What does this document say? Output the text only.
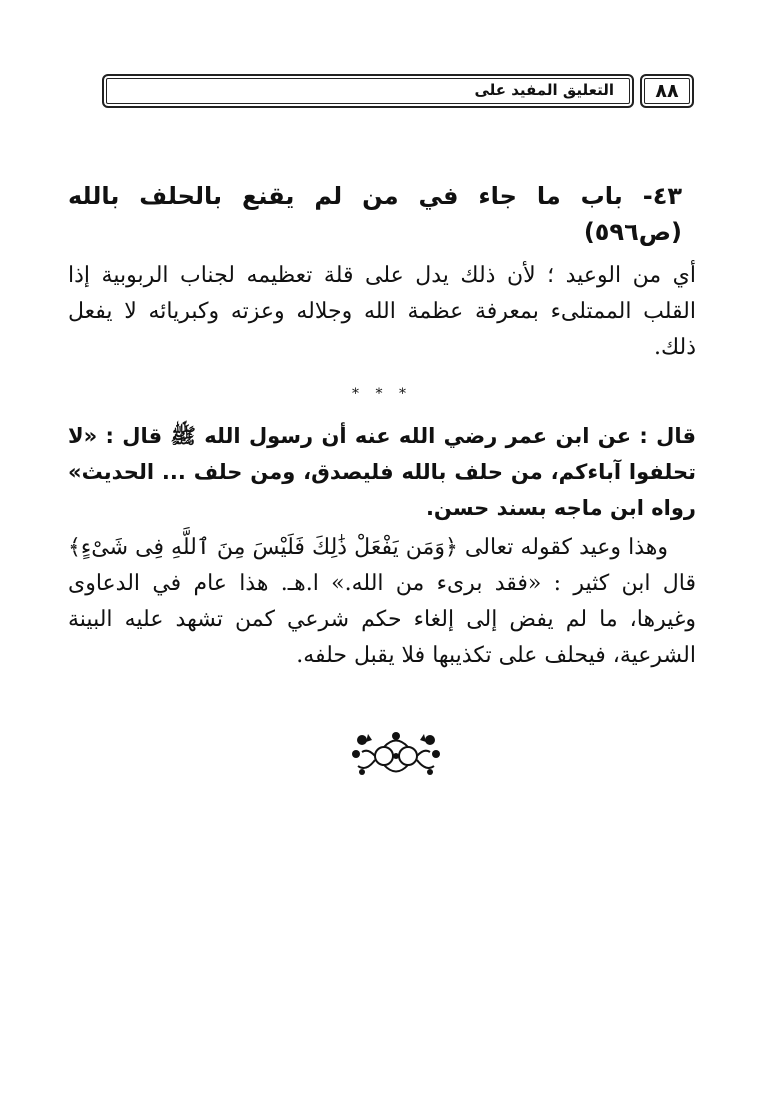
التعليق المفيد على	٨٨
٤٣- باب ما جاء في من لم يقنع بالحلف بالله (ص٥٩٦)

أي من الوعيد ؛ لأن ذلك يدل على قلة تعظيمه لجناب الربوبية إذا القلب الممتلىء بمعرفة عظمة الله وجلاله وعزته وكبريائه لا يفعل ذلك.

* * *

قال : عن ابن عمر رضي الله عنه أن رسول الله ﷺ قال : «لا تحلفوا آباءكم، من حلف بالله فليصدق، ومن حلف ... الحديث» رواه ابن ماجه بسند حسن.

وهذا وعيد كقوله تعالى ﴿وَمَن يَفْعَلْ ذَٰلِكَ فَلَيْسَ مِنَ ٱللَّهِ فِى شَىْءٍ﴾ قال ابن كثير : «فقد برىء من الله.» ا.هـ. هذا عام في الدعاوى وغيرها، ما لم يفض إلى إلغاء حكم شرعي كمن تشهد عليه البينة الشرعية، فيحلف على تكذيبها فلا يقبل حلفه.
